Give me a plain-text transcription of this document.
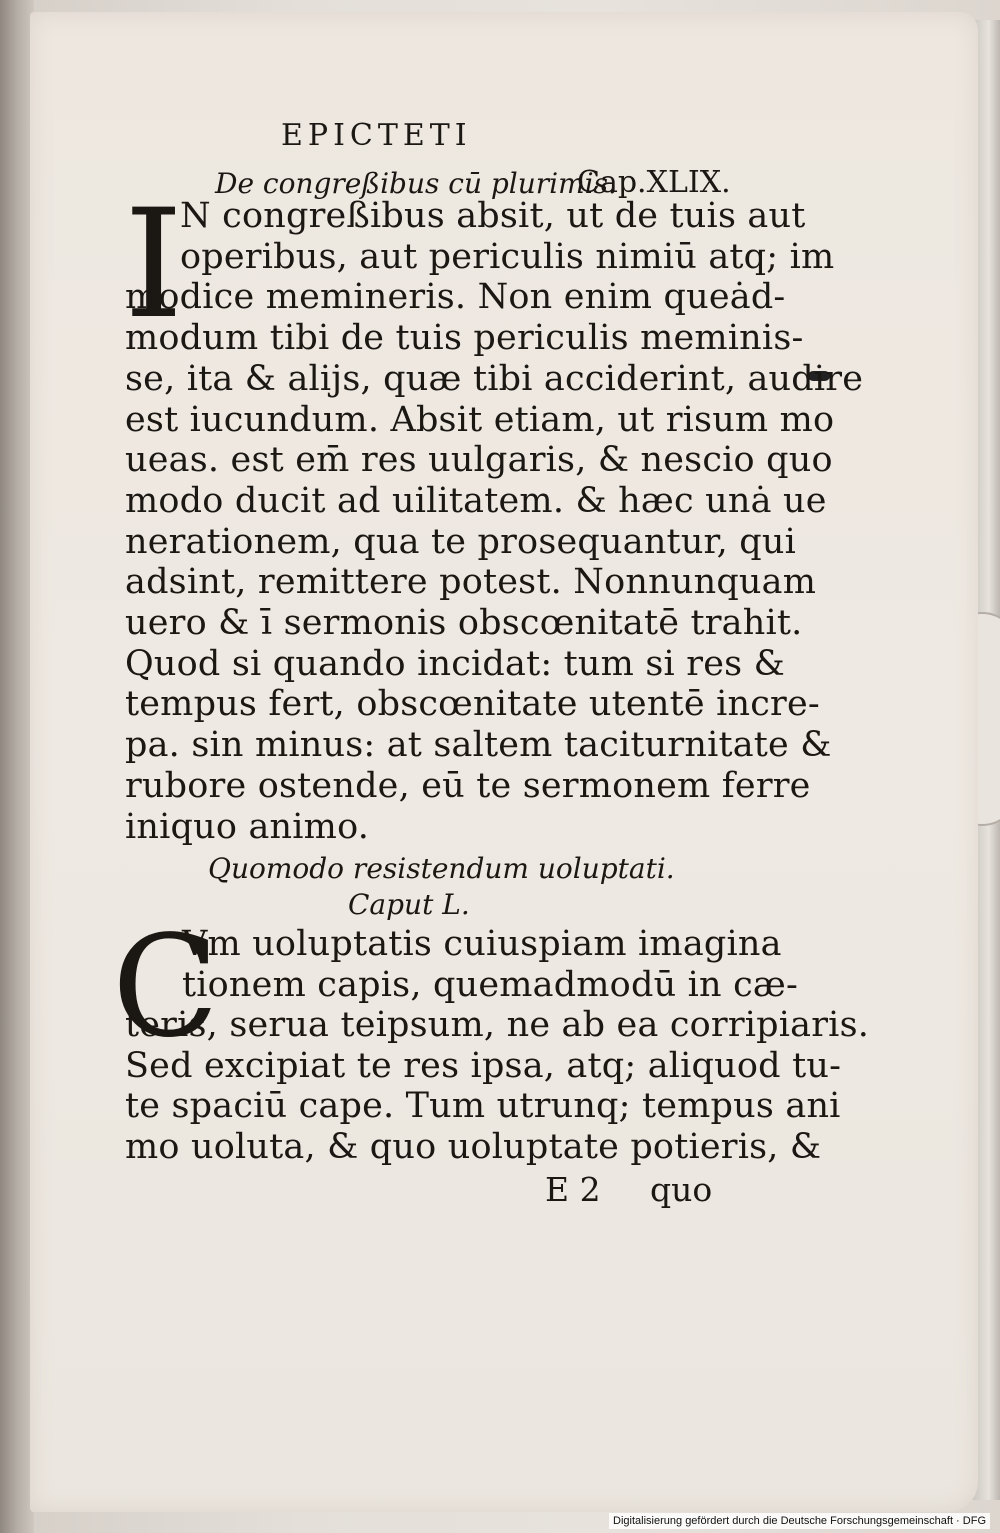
EPICTETI
De congreßibus cū plurimis.
Cap.XLIX.
I
N congreßibus absit, ut de tuis aut
operibus, aut periculis nimiū atq; im
modice memineris. Non enim queȧd-
modum tibi de tuis periculis meminis-
se, ita & alijs, quæ tibi acciderint, audire
est iucundum. Absit etiam, ut risum mo
ueas. est em̄ res uulgaris, & nescio quo
modo ducit ad uilitatem. & hæc unȧ ue
nerationem, qua te prosequantur, qui
adsint, remittere potest. Nonnunquam
uero & ī sermonis obscœnitatē trahit.
Quod si quando incidat: tum si res &
tempus fert, obscœnitate utentē incre-
pa. sin minus: at saltem taciturnitate &
rubore ostende, eū te sermonem ferre
iniquo animo.
Quomodo resistendum uoluptati.
Caput L.
C
Vm uoluptatis cuiuspiam imagina
tionem capis, quemadmodū in cæ-
teris, serua teipsum, ne ab ea corripiaris.
Sed excipiat te res ipsa, atq; aliquod tu-
te spaciū cape. Tum utrunq; tempus ani
mo uoluta, & quo uoluptate potieris, &
E 2 quo
Digitalisierung gefördert durch die Deutsche Forschungsgemeinschaft · DFG
